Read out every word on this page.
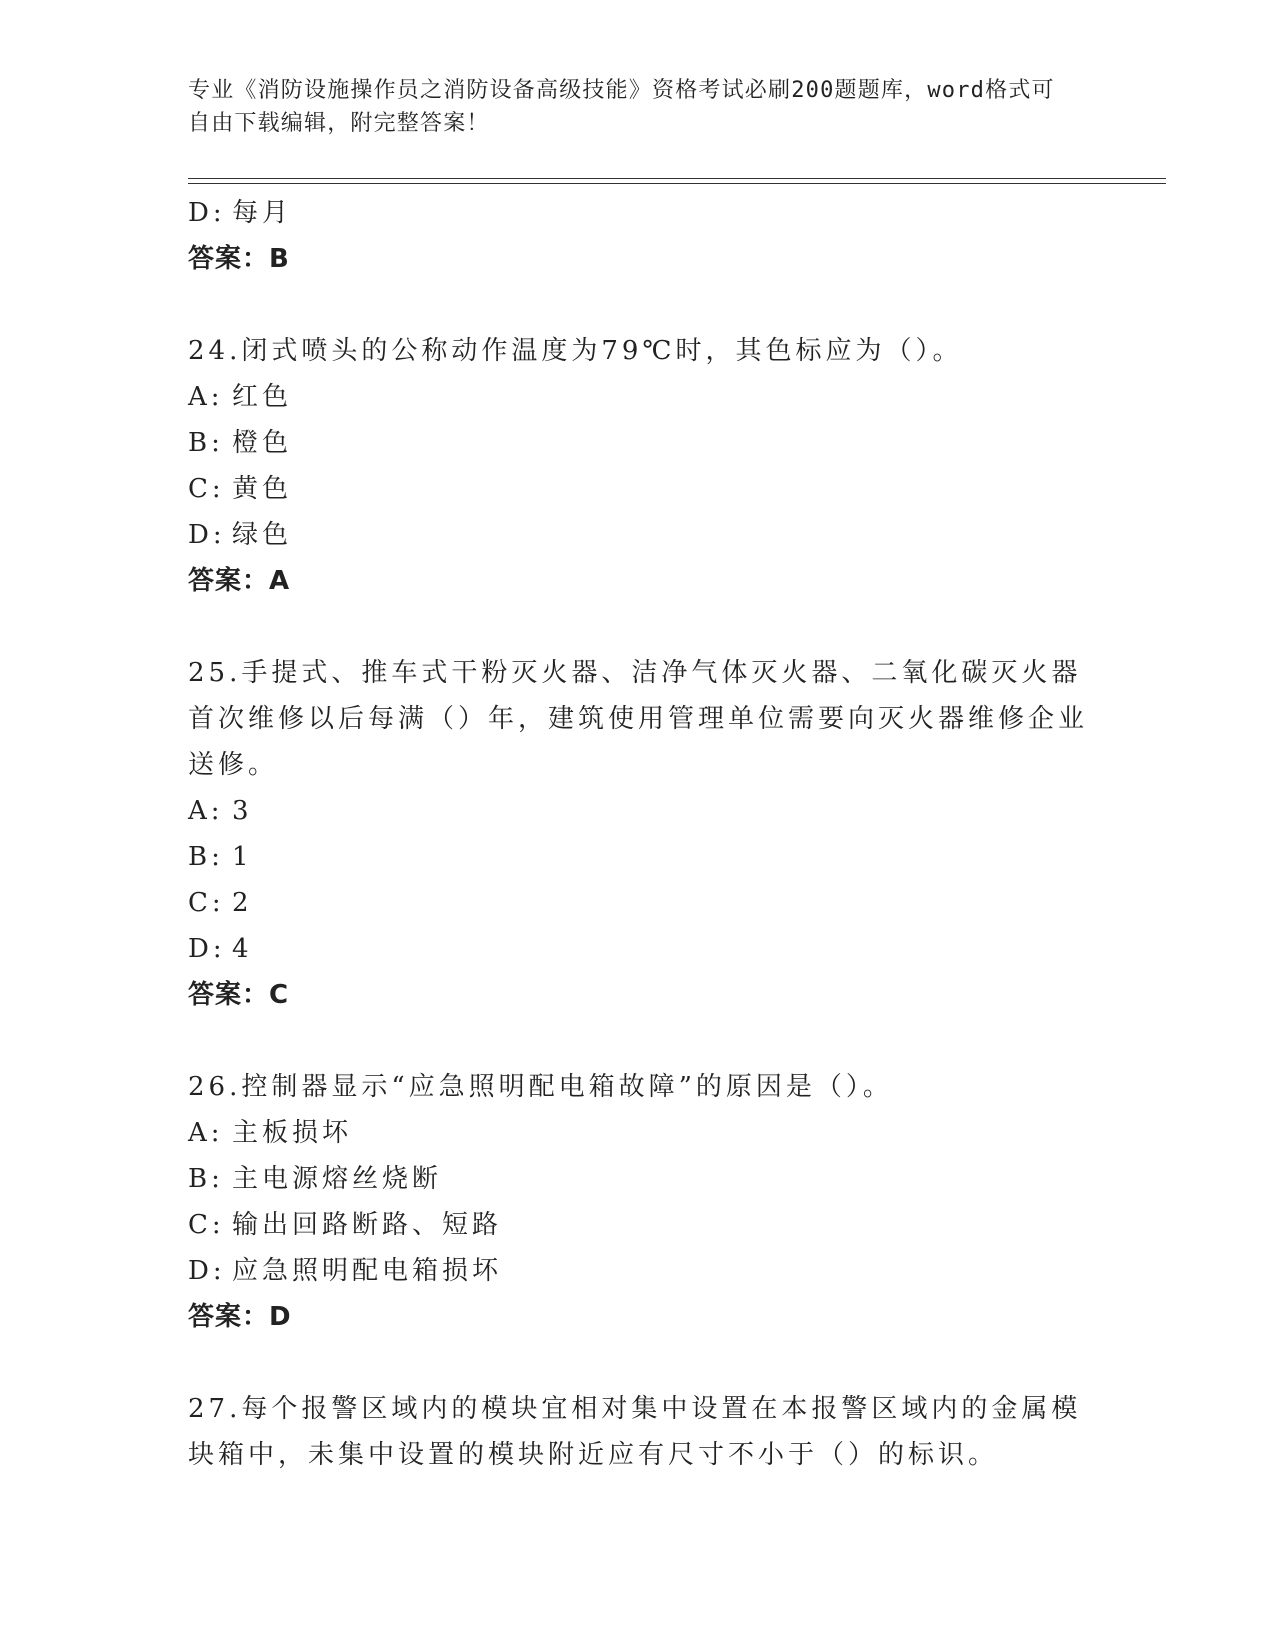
专业《消防设施操作员之消防设备高级技能》资格考试必刷200题题库，word格式可自由下载编辑，附完整答案！
D: 每月
答案：B
24.闭式喷头的公称动作温度为79℃时，其色标应为（）。
A: 红色
B: 橙色
C: 黄色
D: 绿色
答案：A
25.手提式、推车式干粉灭火器、洁净气体灭火器、二氧化碳灭火器首次维修以后每满（）年，建筑使用管理单位需要向灭火器维修企业送修。
A: 3
B: 1
C: 2
D: 4
答案：C
26.控制器显示“应急照明配电箱故障”的原因是（）。
A: 主板损坏
B: 主电源熔丝烧断
C: 输出回路断路、短路
D: 应急照明配电箱损坏
答案：D
27.每个报警区域内的模块宜相对集中设置在本报警区域内的金属模块箱中，未集中设置的模块附近应有尺寸不小于（）的标识。
